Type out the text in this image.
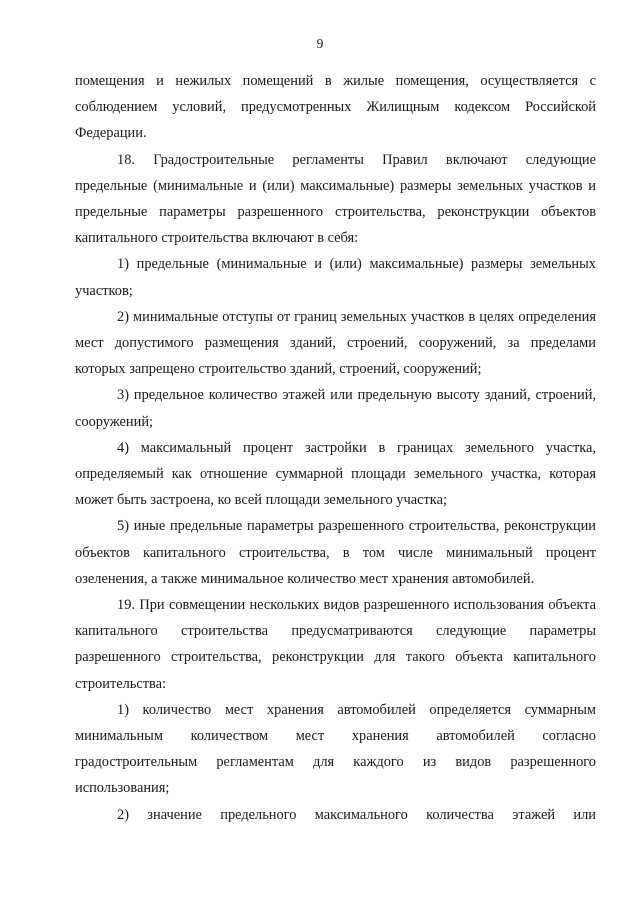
9

помещения и нежилых помещений в жилые помещения, осуществляется с соблюдением условий, предусмотренных Жилищным кодексом Российской Федерации.

18. Градостроительные регламенты Правил включают следующие предельные (минимальные и (или) максимальные) размеры земельных участков и предельные параметры разрешенного строительства, реконструкции объектов капитального строительства включают в себя:

1) предельные (минимальные и (или) максимальные) размеры земельных участков;

2) минимальные отступы от границ земельных участков в целях определения мест допустимого размещения зданий, строений, сооружений, за пределами которых запрещено строительство зданий, строений, сооружений;

3) предельное количество этажей или предельную высоту зданий, строений, сооружений;

4) максимальный процент застройки в границах земельного участка, определяемый как отношение суммарной площади земельного участка, которая может быть застроена, ко всей площади земельного участка;

5) иные предельные параметры разрешенного строительства, реконструкции объектов капитального строительства, в том числе минимальный процент озеленения, а также минимальное количество мест хранения автомобилей.

19. При совмещении нескольких видов разрешенного использования объекта капитального строительства предусматриваются следующие параметры разрешенного строительства, реконструкции для такого объекта капитального строительства:

1) количество мест хранения автомобилей определяется суммарным минимальным количеством мест хранения автомобилей согласно градостроительным регламентам для каждого из видов разрешенного использования;

2) значение предельного максимального количества этажей или
